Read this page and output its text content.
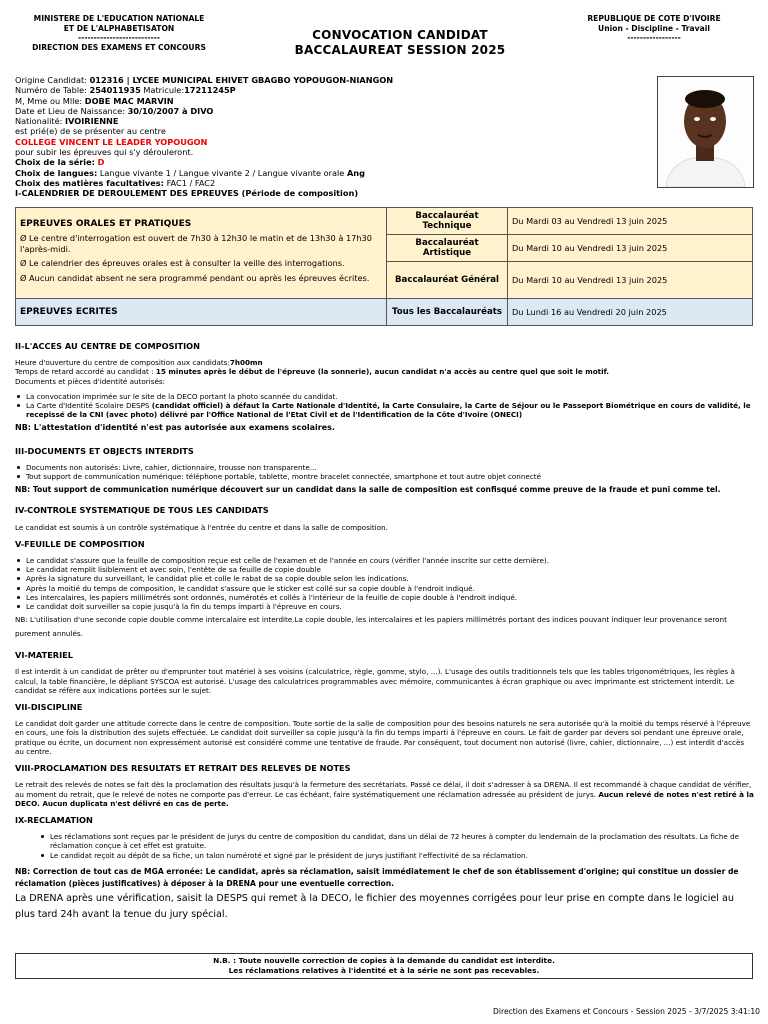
MINISTERE DE L'EDUCATION NATIONALE
ET DE L'ALPHABETISATON
--------------------------
DIRECTION DES EXAMENS ET CONCOURS
CONVOCATION CANDIDAT
BACCALAUREAT SESSION 2025
REPUBLIQUE DE COTE D'IVOIRE
Union - Discipline - Travail
-----------------
Origine Candidat: 012316 | LYCEE MUNICIPAL EHIVET GBAGBO YOPOUGON-NIANGON
Numéro de Table: 254011935 Matricule:17211245P
M, Mme ou Mlle: DOBE MAC MARVIN
Date et Lieu de Naissance: 30/10/2007 à DIVO
Nationalité: IVOIRIENNE
est prié(e) de se présenter au centre
COLLEGE VINCENT LE LEADER YOPOUGON
pour subir les épreuves qui s'y dérouleront.
Choix de la série: D
Choix de langues: Langue vivante 1 / Langue vivante 2 / Langue vivante orale Ang
Choix des matières facultatives: FAC1 / FAC2
I-CALENDRIER DE DEROULEMENT DES EPREUVES (Période de composition)
EPREUVES ORALES ET PRATIQUES

Ø Le centre d'interrogation est ouvert de 7h30 à 12h30 le matin et de 13h30 à 17h30 l'après-midi.

Ø Le calendrier des épreuves orales est à consulter la veille des interrogations.

Ø Aucun candidat absent ne sera programmé pendant ou après les épreuves écrites.	Baccalauréat Technique	Du Mardi 03 au Vendredi 13 juin 2025
	Baccalauréat Artistique	Du Mardi 10 au Vendredi 13 juin 2025
	Baccalauréat Général	Du Mardi 10 au Vendredi 13 juin 2025
EPREUVES ECRITES	Tous les Baccalauréats	Du Lundi 16 au Vendredi 20 juin 2025
II-L'ACCES AU CENTRE DE COMPOSITION

Heure d'ouverture du centre de composition aux candidats:7h00mn

Temps de retard accordé au candidat : 15 minutes après le début de l'épreuve (la sonnerie), aucun candidat n'a accès au centre quel que soit le motif.

Documents et pièces d'identité autorisés:

La convocation imprimée sur le site de la DECO portant la photo scannée du candidat.
La Carte d'Identité Scolaire DESPS (candidat officiel) à défaut la Carte Nationale d'Identité, la Carte Consulaire, la Carte de Séjour ou le Passeport Biométrique en cours de validité, le recepissé de la CNI (avec photo) délivré par l'Office National de l'Etat Civil et de l'Identification de la Côte d'Ivoire (ONECI)
NB: L'attestation d'identité n'est pas autorisée aux examens scolaires.
III-DOCUMENTS ET OBJECTS INTERDITS
Documents non autorisés: Livre, cahier, dictionnaire, trousse non transparente...
Tout support de communication numérique: téléphone portable, tablette, montre bracelet connectée, smartphone et tout autre objet connecté
NB: Tout support de communication numérique découvert sur un candidat dans la salle de composition est confisqué comme preuve de la fraude et puni comme tel.
IV-CONTROLE SYSTEMATIQUE DE TOUS LES CANDIDATS

Le candidat est soumis à un contrôle systématique à l'entrée du centre et dans la salle de composition.

V-FEUILLE DE COMPOSITION
Le candidat s'assure que la feuille de composition reçue est celle de l'examen et de l'année en cours (vérifier l'année inscrite sur cette dernière).
Le candidat remplit lisiblement et avec soin, l'entête de sa feuille de copie double
Après la signature du surveillant, le candidat plie et colle le rabat de sa copie double selon les indications.
Après la moitié du temps de composition, le candidat s'assure que le sticker est collé sur sa copie double à l'endroit indiqué.
Les intercalaires, les papiers millimétrés sont ordonnés, numérotés et collés à l'intérieur de la feuille de copie double à l'endroit indiqué.
Le candidat doit surveiller sa copie jusqu'à la fin du temps imparti à l'épreuve en cours.

NB: L'utilisation d'une seconde copie double comme intercalaire est interdite.La copie double, les intercalaires et les papiers millimétrés portant des indices pouvant indiquer leur provenance seront purement annulés.

VI-MATERIEL

Il est interdit à un candidat de prêter ou d'emprunter tout matériel à ses voisins (calculatrice, règle, gomme, stylo, ...). L'usage des outils traditionnels tels que les tables trigonométriques, les règles à calcul, la table financière, le dépliant SYSCOA est autorisé. L'usage des calculatrices programmables avec mémoire, communicantes à écran graphique ou avec imprimante est strictement interdit. Le candidat se réfère aux indications portées sur le sujet.

VII-DISCIPLINE

Le candidat doit garder une attitude correcte dans le centre de composition. Toute sortie de la salle de composition pour des besoins naturels ne sera autorisée qu'à la moitié du temps réservé à l'épreuve en cours, une fois la distribution des sujets effectuée. Le candidat doit surveiller sa copie jusqu'à la fin du temps imparti à l'épreuve en cours. Le fait de garder par devers soi pendant une épreuve orale, pratique ou écrite, un document non expressément autorisé est considéré comme une tentative de fraude. Par conséquent, tout document non autorisé (livre, cahier, dictionnaire, ...) est interdit d'accès au centre.

VIII-PROCLAMATION DES RESULTATS ET RETRAIT DES RELEVES DE NOTES

Le retrait des relevés de notes se fait dès la proclamation des résultats jusqu'à la fermeture des secrétariats. Passé ce délai, il doit s'adresser à sa DRENA. Il est recommandé à chaque candidat de vérifier, au moment du retrait, que le relevé de notes ne comporte pas d'erreur. Le cas échéant, faire systématiquement une réclamation adressée au président de jurys. Aucun relevé de notes n'est retiré à la DECO. Aucun duplicata n'est délivré en cas de perte.

IX-RECLAMATION
Les réclamations sont reçues par le président de jurys du centre de composition du candidat, dans un délai de 72 heures à compter du lendemain de la proclamation des résultats. La fiche de réclamation conçue à cet effet est gratuite.
Le candidat reçoit au dépôt de sa fiche, un talon numéroté et signé par le président de jurys justifiant l'effectivité de sa réclamation.
NB: Correction de tout cas de MGA erronée: Le candidat, après sa réclamation, saisit immédiatement le chef de son établissement d'origine; qui constitue un dossier de réclamation (pièces justificatives) à déposer à la DRENA pour une eventuelle correction.

La DRENA après une vérification, saisit la DESPS qui remet à la DECO, le fichier des moyennes corrigées pour leur prise en compte dans le logiciel au plus tard 24h avant la tenue du jury spécial.

N.B. : Toute nouvelle correction de copies à la demande du candidat est interdite.
Les réclamations relatives à l'identité et à la série ne sont pas recevables.
Direction des Examens et Concours - Session 2025 - 3/7/2025 3:41:10
